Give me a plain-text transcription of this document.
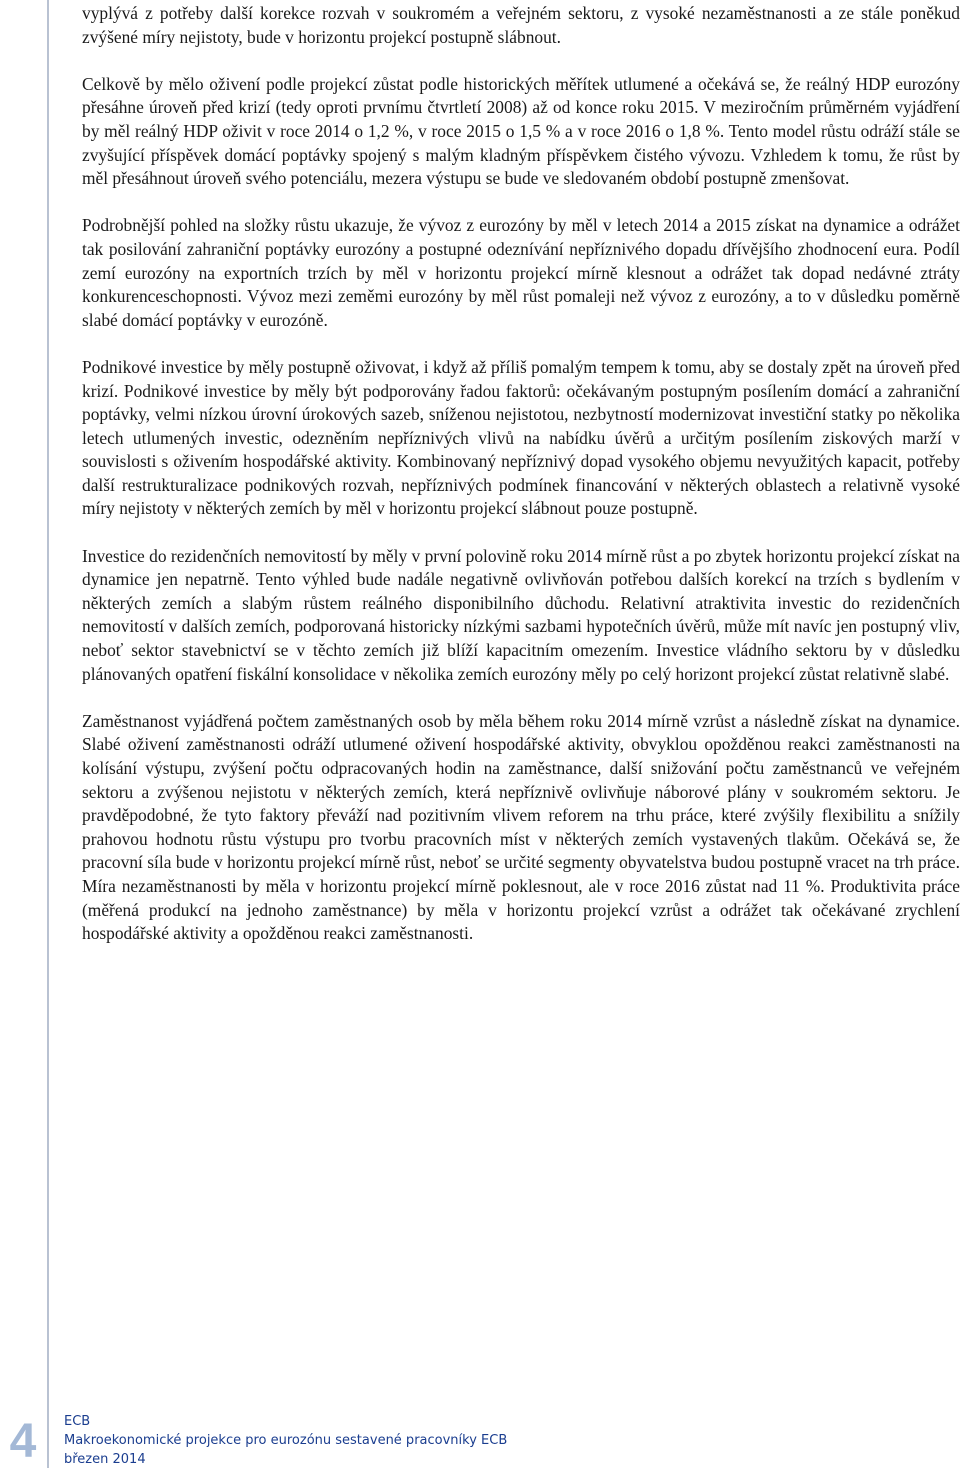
vyplývá z potřeby další korekce rozvah v soukromém a veřejném sektoru, z vysoké nezaměstnanosti a ze stále poněkud zvýšené míry nejistoty, bude v horizontu projekcí postupně slábnout.

Celkově by mělo oživení podle projekcí zůstat podle historických měřítek utlumené a očekává se, že reálný HDP eurozóny přesáhne úroveň před krizí (tedy oproti prvnímu čtvrtletí 2008) až od konce roku 2015. V meziročním průměrném vyjádření by měl reálný HDP oživit v roce 2014 o 1,2 %, v roce 2015 o 1,5 % a v roce 2016 o 1,8 %. Tento model růstu odráží stále se zvyšující příspěvek domácí poptávky spojený s malým kladným příspěvkem čistého vývozu. Vzhledem k tomu, že růst by měl přesáhnout úroveň svého potenciálu, mezera výstupu se bude ve sledovaném období postupně zmenšovat.

Podrobnější pohled na složky růstu ukazuje, že vývoz z eurozóny by měl v letech 2014 a 2015 získat na dynamice a odrážet tak posilování zahraniční poptávky eurozóny a postupné odeznívání nepříznivého dopadu dřívějšího zhodnocení eura. Podíl zemí eurozóny na exportních trzích by měl v horizontu projekcí mírně klesnout a odrážet tak dopad nedávné ztráty konkurenceschopnosti. Vývoz mezi zeměmi eurozóny by měl růst pomaleji než vývoz z eurozóny, a to v důsledku poměrně slabé domácí poptávky v eurozóně.

Podnikové investice by měly postupně oživovat, i když až příliš pomalým tempem k tomu, aby se dostaly zpět na úroveň před krizí. Podnikové investice by měly být podporovány řadou faktorů: očekávaným postupným posílením domácí a zahraniční poptávky, velmi nízkou úrovní úrokových sazeb, sníženou nejistotou, nezbytností modernizovat investiční statky po několika letech utlumených investic, odezněním nepříznivých vlivů na nabídku úvěrů a určitým posílením ziskových marží v souvislosti s oživením hospodářské aktivity. Kombinovaný nepříznivý dopad vysokého objemu nevyužitých kapacit, potřeby další restrukturalizace podnikových rozvah, nepříznivých podmínek financování v některých oblastech a relativně vysoké míry nejistoty v některých zemích by měl v horizontu projekcí slábnout pouze postupně.

Investice do rezidenčních nemovitostí by měly v první polovině roku 2014 mírně růst a po zbytek horizontu projekcí získat na dynamice jen nepatrně. Tento výhled bude nadále negativně ovlivňován potřebou dalších korekcí na trzích s bydlením v některých zemích a slabým růstem reálného disponibilního důchodu. Relativní atraktivita investic do rezidenčních nemovitostí v dalších zemích, podporovaná historicky nízkými sazbami hypotečních úvěrů, může mít navíc jen postupný vliv, neboť sektor stavebnictví se v těchto zemích již blíží kapacitním omezením. Investice vládního sektoru by v důsledku plánovaných opatření fiskální konsolidace v několika zemích eurozóny měly po celý horizont projekcí zůstat relativně slabé.

Zaměstnanost vyjádřená počtem zaměstnaných osob by měla během roku 2014 mírně vzrůst a následně získat na dynamice. Slabé oživení zaměstnanosti odráží utlumené oživení hospodářské aktivity, obvyklou opožděnou reakci zaměstnanosti na kolísání výstupu, zvýšení počtu odpracovaných hodin na zaměstnance, další snižování počtu zaměstnanců ve veřejném sektoru a zvýšenou nejistotu v některých zemích, která nepříznivě ovlivňuje náborové plány v soukromém sektoru. Je pravděpodobné, že tyto faktory převáží nad pozitivním vlivem reforem na trhu práce, které zvýšily flexibilitu a snížily prahovou hodnotu růstu výstupu pro tvorbu pracovních míst v některých zemích vystavených tlakům. Očekává se, že pracovní síla bude v horizontu projekcí mírně růst, neboť se určité segmenty obyvatelstva budou postupně vracet na trh práce. Míra nezaměstnanosti by měla v horizontu projekcí mírně poklesnout, ale v roce 2016 zůstat nad 11 %. Produktivita práce (měřená produkcí na jednoho zaměstnance) by měla v horizontu projekcí vzrůst a odrážet tak očekávané zrychlení hospodářské aktivity a opožděnou reakci zaměstnanosti.

4	ECB
Makroekonomické projekce pro eurozónu sestavené pracovníky ECB
březen 2014
